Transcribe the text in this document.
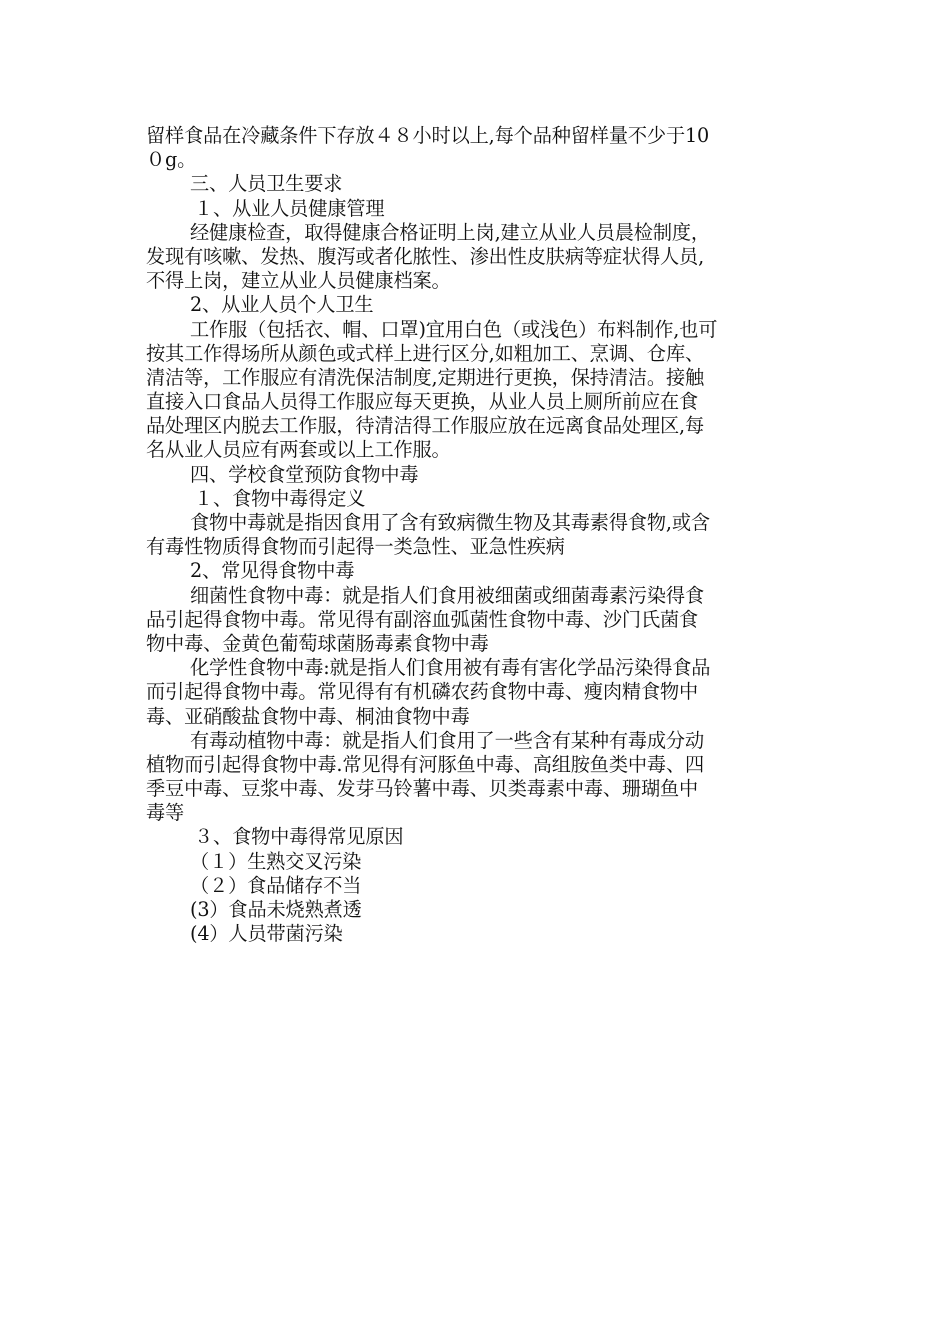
留样食品在冷藏条件下存放４８小时以上,每个品种留样量不少于10
０g。
三、人员卫生要求
１、从业人员健康管理
经健康检查，取得健康合格证明上岗,建立从业人员晨检制度，
发现有咳嗽、发热、腹泻或者化脓性、渗出性皮肤病等症状得人员,
不得上岗，建立从业人员健康档案。
2、从业人员个人卫生
工作服（包括衣、帽、口罩)宜用白色（或浅色）布料制作,也可
按其工作得场所从颜色或式样上进行区分,如粗加工、烹调、仓库、
清洁等，工作服应有清洗保洁制度,定期进行更换，保持清洁。接触
直接入口食品人员得工作服应每天更换，从业人员上厕所前应在食
品处理区内脱去工作服，待清洁得工作服应放在远离食品处理区,每
名从业人员应有两套或以上工作服。
四、学校食堂预防食物中毒
１、食物中毒得定义
食物中毒就是指因食用了含有致病微生物及其毒素得食物,或含
有毒性物质得食物而引起得一类急性、亚急性疾病
2、常见得食物中毒
细菌性食物中毒：就是指人们食用被细菌或细菌毒素污染得食
品引起得食物中毒。常见得有副溶血弧菌性食物中毒、沙门氏菌食
物中毒、金黄色葡萄球菌肠毒素食物中毒
化学性食物中毒:就是指人们食用被有毒有害化学品污染得食品
而引起得食物中毒。常见得有有机磷农药食物中毒、瘦肉精食物中
毒、亚硝酸盐食物中毒、桐油食物中毒
有毒动植物中毒：就是指人们食用了一些含有某种有毒成分动
植物而引起得食物中毒.常见得有河豚鱼中毒、高组胺鱼类中毒、四
季豆中毒、豆浆中毒、发芽马铃薯中毒、贝类毒素中毒、珊瑚鱼中
毒等
３、食物中毒得常见原因
（１）生熟交叉污染
（２）食品储存不当
(3）食品未烧熟煮透
(4）人员带菌污染
